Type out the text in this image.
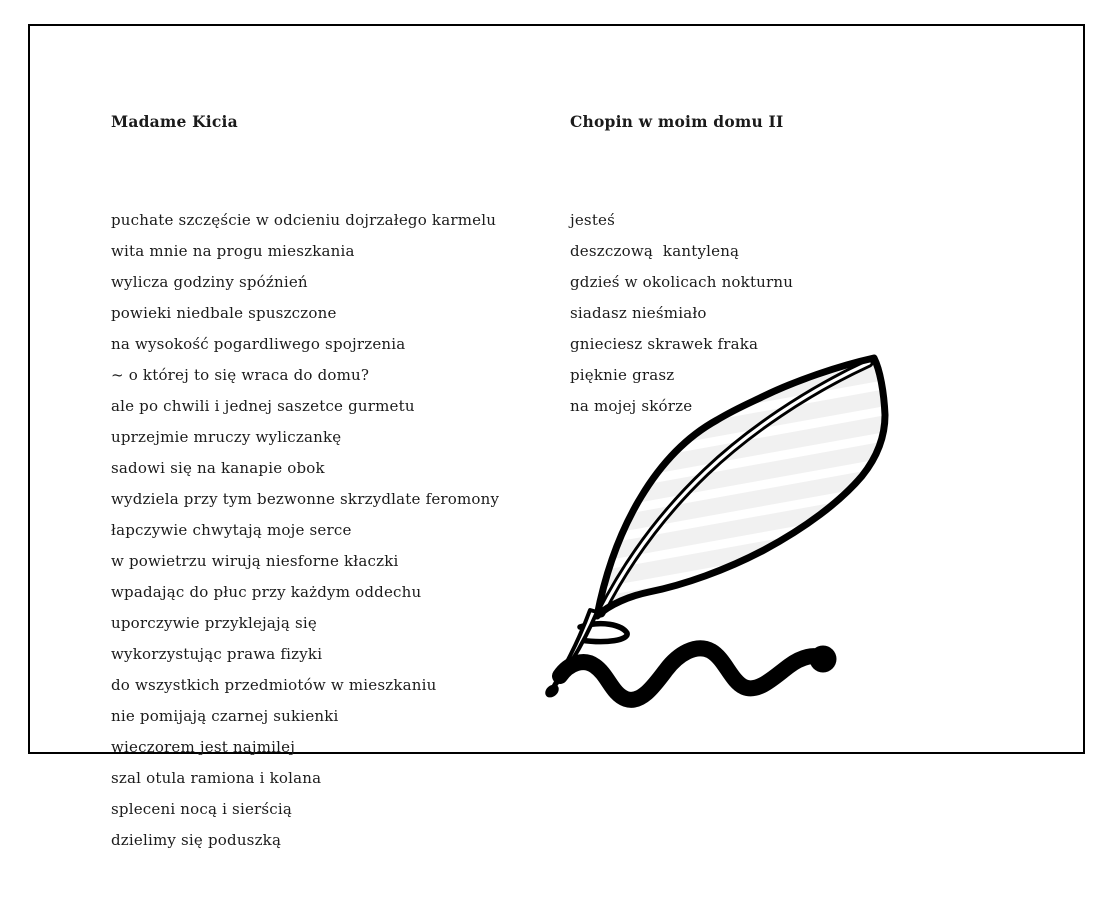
Madame Kicia

puchate szczęście w odcieniu dojrzałego karmelu

wita mnie na progu mieszkania

wylicza godziny spóźnień

powieki niedbale spuszczone

na wysokość pogardliwego spojrzenia

~ o której to się wraca do domu?

ale po chwili i jednej saszetce gurmetu

uprzejmie mruczy wyliczankę

sadowi się na kanapie obok

wydziela przy tym bezwonne skrzydlate feromony

łapczywie chwytają moje serce

w powietrzu wirują niesforne kłaczki

wpadając do płuc przy każdym oddechu

uporczywie przyklejają się

wykorzystując prawa fizyki

do wszystkich przedmiotów w mieszkaniu

nie pomijają czarnej sukienki

wieczorem jest najmilej

szal otula ramiona i kolana

spleceni nocą i sierścią

dzielimy się poduszką

Chopin w moim domu II

jesteś

deszczową  kantyleną

gdzieś w okolicach nokturnu

siadasz nieśmiało

gnieciesz skrawek fraka

pięknie grasz

na mojej skórze
